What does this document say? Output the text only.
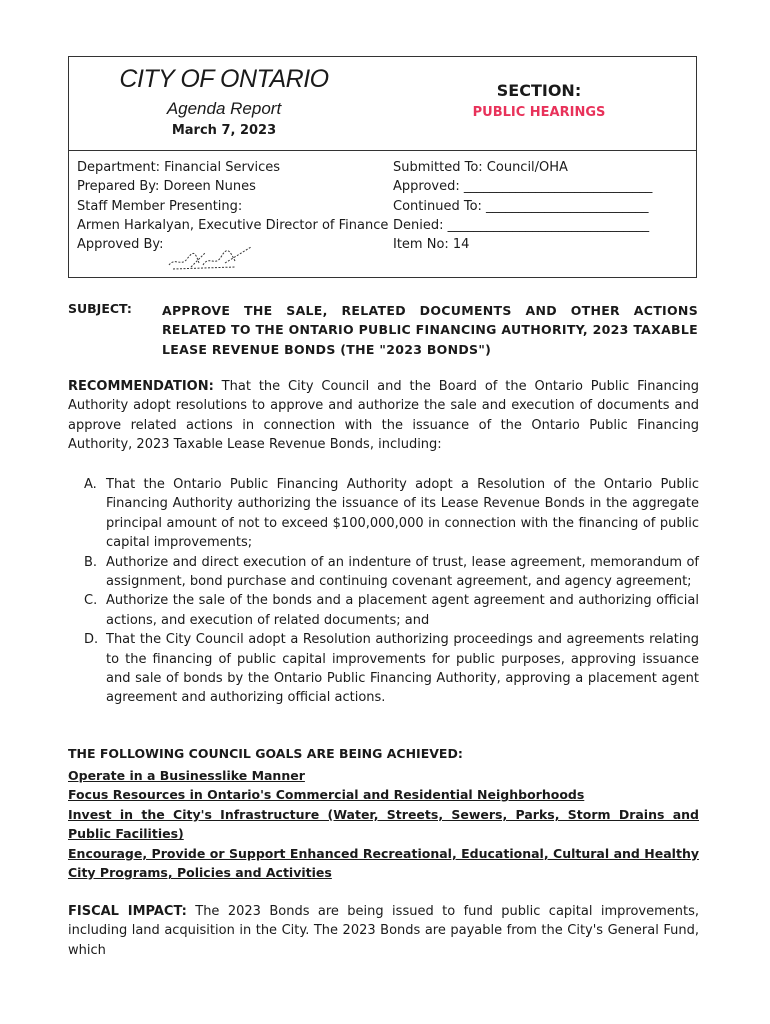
CITY OF ONTARIO
Agenda Report
March 7, 2023
SECTION:
PUBLIC HEARINGS
Department: Financial Services
Prepared By: Doreen Nunes
Staff Member Presenting:
Armen Harkalyan, Executive Director of Finance
Approved By:
Submitted To: Council/OHA
Approved: _____________________________
Continued To: _________________________
Denied: _______________________________
Item No: 14
SUBJECT: APPROVE THE SALE, RELATED DOCUMENTS AND OTHER ACTIONS RELATED TO THE ONTARIO PUBLIC FINANCING AUTHORITY, 2023 TAXABLE LEASE REVENUE BONDS (THE "2023 BONDS")
RECOMMENDATION: That the City Council and the Board of the Ontario Public Financing Authority adopt resolutions to approve and authorize the sale and execution of documents and approve related actions in connection with the issuance of the Ontario Public Financing Authority, 2023 Taxable Lease Revenue Bonds, including:
A. That the Ontario Public Financing Authority adopt a Resolution of the Ontario Public Financing Authority authorizing the issuance of its Lease Revenue Bonds in the aggregate principal amount of not to exceed $100,000,000 in connection with the financing of public capital improvements;
B. Authorize and direct execution of an indenture of trust, lease agreement, memorandum of assignment, bond purchase and continuing covenant agreement, and agency agreement;
C. Authorize the sale of the bonds and a placement agent agreement and authorizing official actions, and execution of related documents; and
D. That the City Council adopt a Resolution authorizing proceedings and agreements relating to the financing of public capital improvements for public purposes, approving issuance and sale of bonds by the Ontario Public Financing Authority, approving a placement agent agreement and authorizing official actions.
THE FOLLOWING COUNCIL GOALS ARE BEING ACHIEVED:
Operate in a Businesslike Manner
Focus Resources in Ontario's Commercial and Residential Neighborhoods
Invest in the City's Infrastructure (Water, Streets, Sewers, Parks, Storm Drains and Public Facilities)
Encourage, Provide or Support Enhanced Recreational, Educational, Cultural and Healthy City Programs, Policies and Activities
FISCAL IMPACT: The 2023 Bonds are being issued to fund public capital improvements, including land acquisition in the City. The 2023 Bonds are payable from the City's General Fund, which
